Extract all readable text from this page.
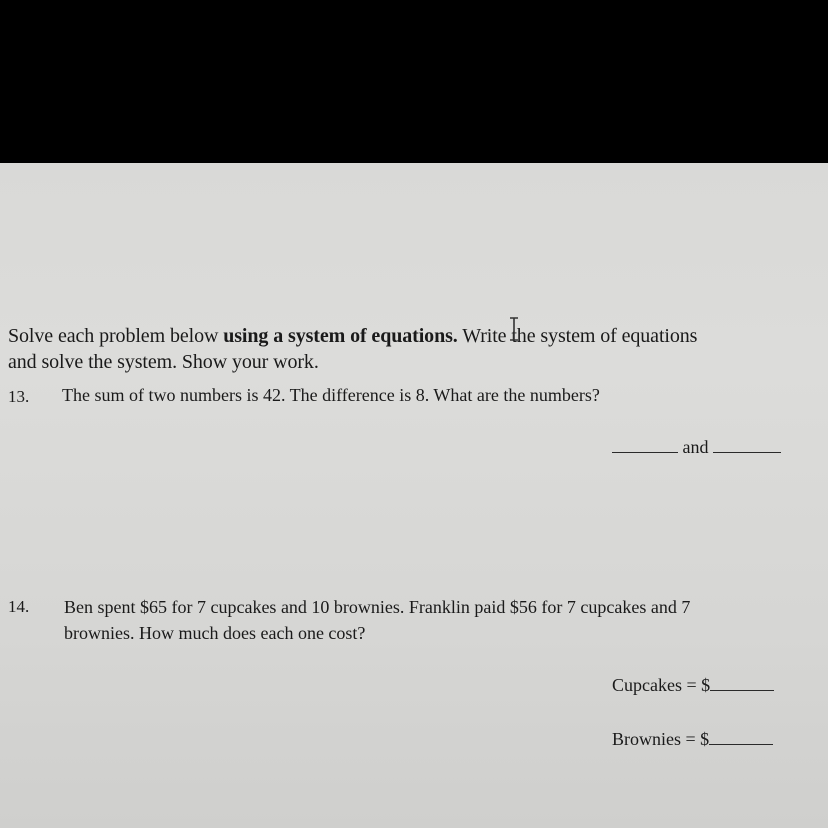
Solve each problem below using a system of equations. Write the system of equations
and solve the system. Show your work.
13. The sum of two numbers is 42. The difference is 8. What are the numbers?
and
14. Ben spent $65 for 7 cupcakes and 10 brownies. Franklin paid $56 for 7 cupcakes and 7
brownies. How much does each one cost?
Cupcakes = $
Brownies = $
